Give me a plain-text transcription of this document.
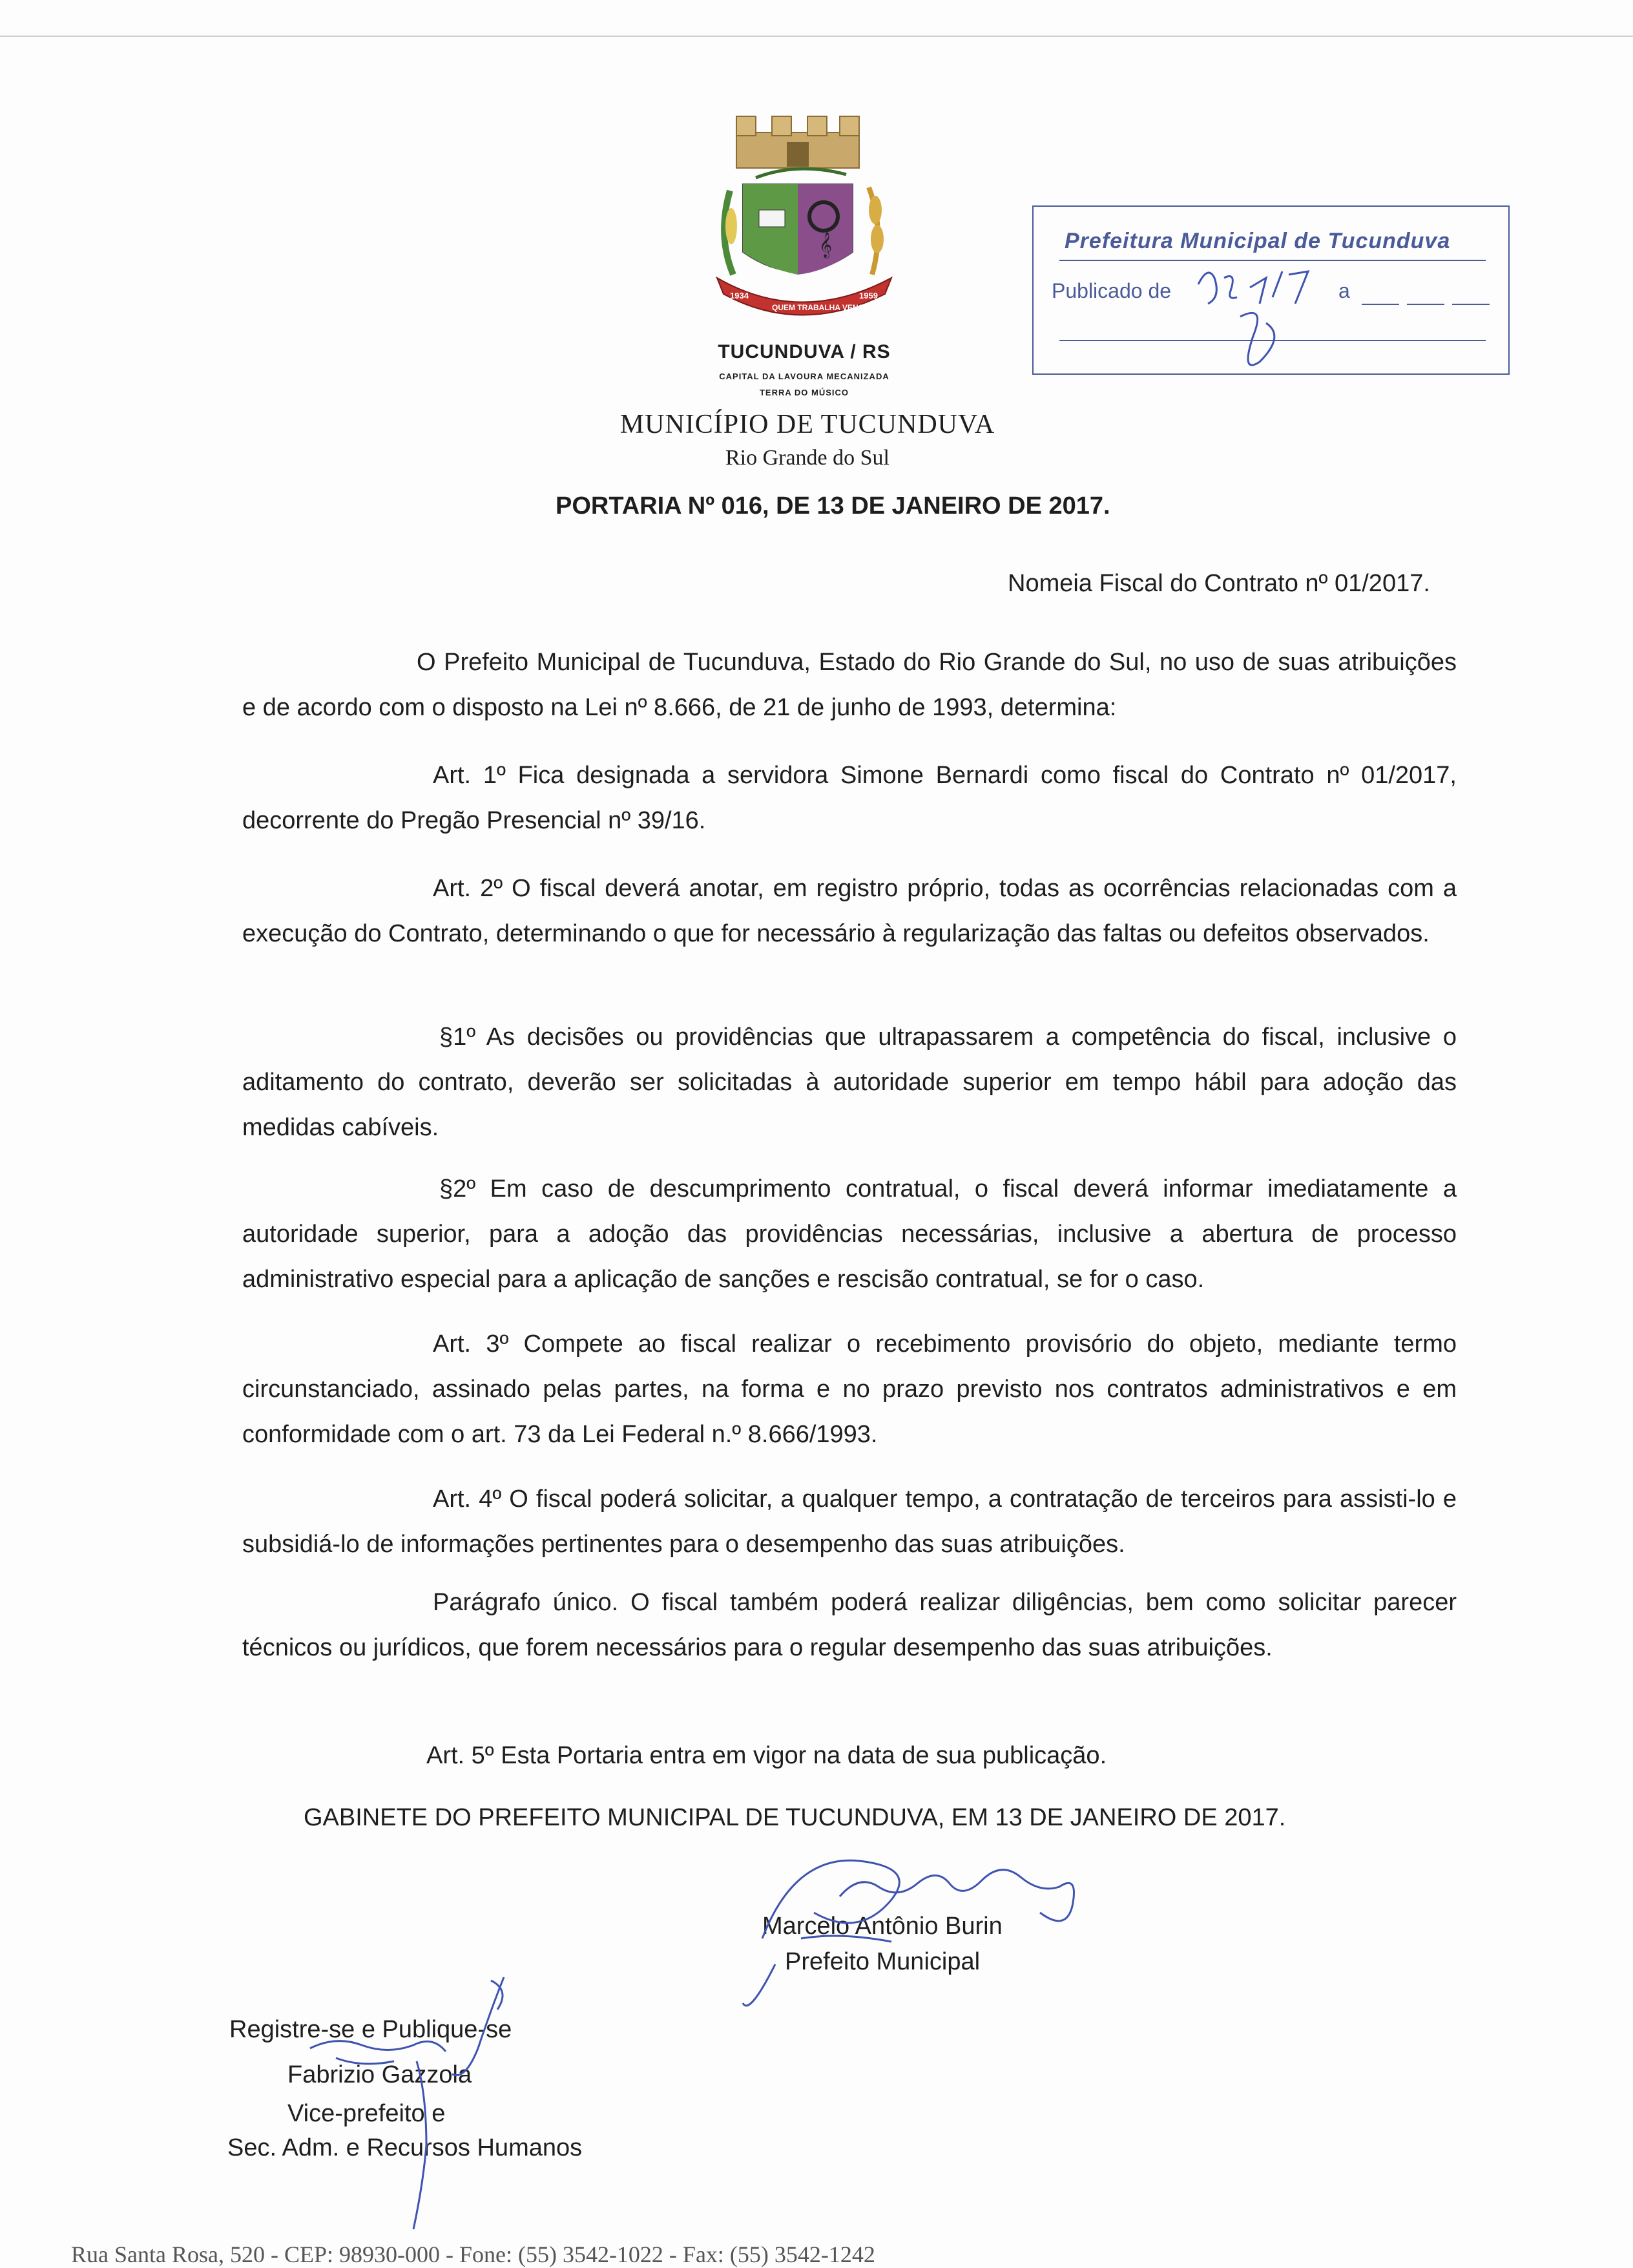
𝄞
1934
QUEM TRABALHA VENCE
1959
TUCUNDUVA / RS
CAPITAL DA LAVOURA MECANIZADA
TERRA DO MÚSICO
MUNICÍPIO DE TUCUNDUVA
Rio Grande do Sul
Prefeitura Municipal de Tucunduva
Publicado de	a
PORTARIA Nº 016, DE 13 DE JANEIRO DE 2017.
Nomeia Fiscal do Contrato nº 01/2017.
O Prefeito Municipal de Tucunduva, Estado do Rio Grande do Sul, no uso de suas atribuições e de acordo com o disposto na Lei nº 8.666, de 21 de junho de 1993, determina:
Art. 1º Fica designada a servidora Simone Bernardi como fiscal do Contrato nº 01/2017, decorrente do Pregão Presencial nº 39/16.
Art. 2º O fiscal deverá anotar, em registro próprio, todas as ocorrências relacionadas com a execução do Contrato, determinando o que for necessário à regularização das faltas ou defeitos observados.
§1º As decisões ou providências que ultrapassarem a competência do fiscal, inclusive o aditamento do contrato, deverão ser solicitadas à autoridade superior em tempo hábil para adoção das medidas cabíveis.
§2º Em caso de descumprimento contratual, o fiscal deverá informar imediatamente a autoridade superior, para a adoção das providências necessárias, inclusive a abertura de processo administrativo especial para a aplicação de sanções e rescisão contratual, se for o caso.
Art. 3º Compete ao fiscal realizar o recebimento provisório do objeto, mediante termo circunstanciado, assinado pelas partes, na forma e no prazo previsto nos contratos administrativos e em conformidade com o art. 73 da Lei Federal n.º 8.666/1993.
Art. 4º O fiscal poderá solicitar, a qualquer tempo, a contratação de terceiros para assisti-lo e subsidiá-lo de informações pertinentes para o desempenho das suas atribuições.
Parágrafo único. O fiscal também poderá realizar diligências, bem como solicitar parecer técnicos ou jurídicos, que forem necessários para o regular desempenho das suas atribuições.
Art. 5º Esta Portaria entra em vigor na data de sua publicação.
GABINETE DO PREFEITO MUNICIPAL DE TUCUNDUVA, EM 13 DE JANEIRO DE 2017.
Marcelo Antônio Burin
Prefeito Municipal
Registre-se e Publique-se
Fabrizio Gazzola
Vice-prefeito e
Sec. Adm. e Recursos Humanos
Rua Santa Rosa, 520 - CEP: 98930-000 - Fone: (55) 3542-1022 - Fax: (55) 3542-1242
